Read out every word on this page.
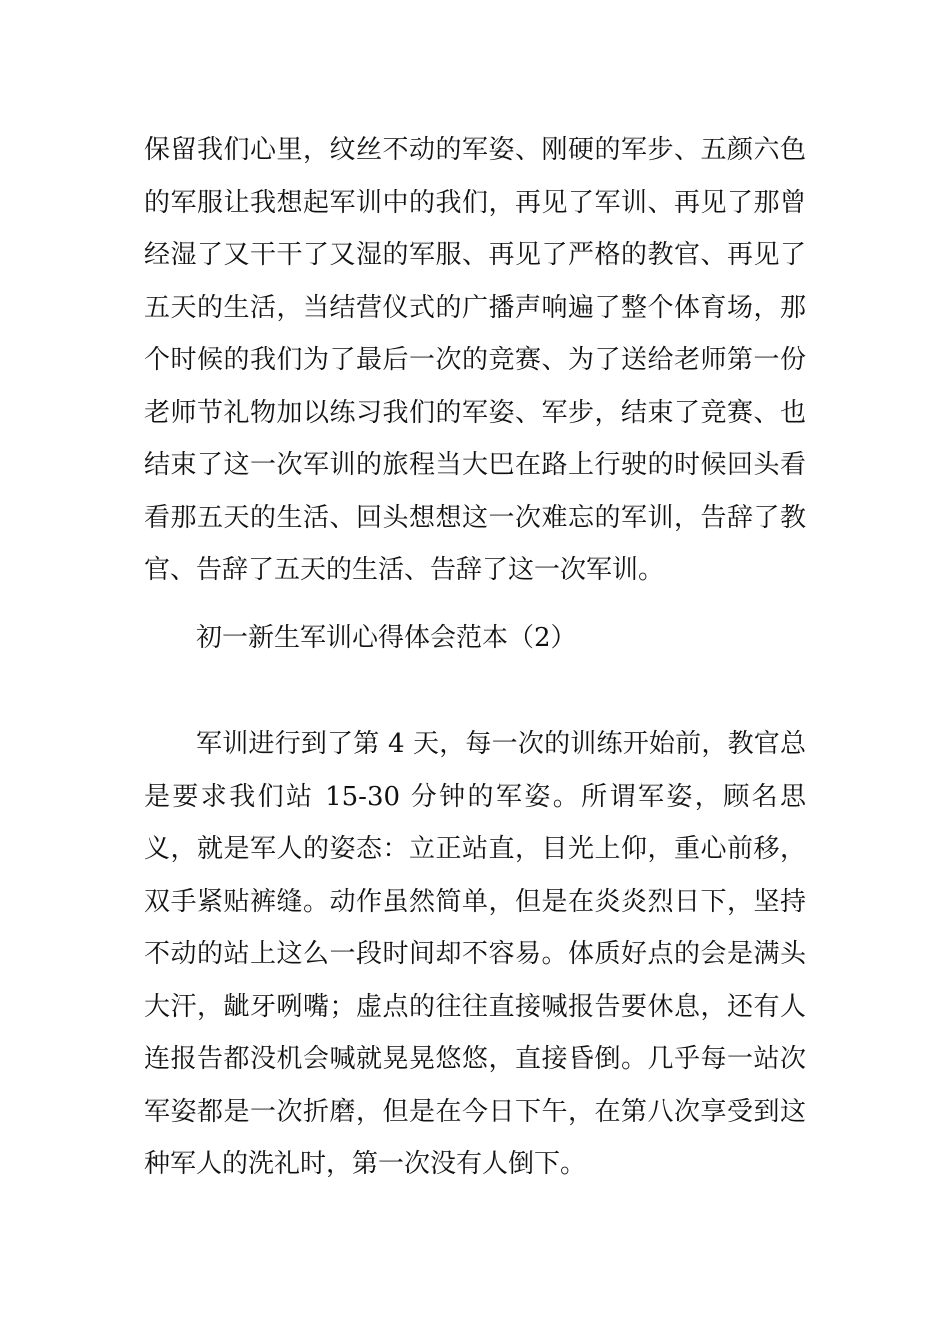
保留我们心里，纹丝不动的军姿、刚硬的军步、五颜六色的军服让我想起军训中的我们，再见了军训、再见了那曾经湿了又干干了又湿的军服、再见了严格的教官、再见了五天的生活，当结营仪式的广播声响遍了整个体育场，那个时候的我们为了最后一次的竞赛、为了送给老师第一份老师节礼物加以练习我们的军姿、军步，结束了竞赛、也结束了这一次军训的旅程当大巴在路上行驶的时候回头看看那五天的生活、回头想想这一次难忘的军训，告辞了教官、告辞了五天的生活、告辞了这一次军训。

初一新生军训心得体会范本（2）

军训进行到了第 4 天，每一次的训练开始前，教官总是要求我们站 15-30 分钟的军姿。所谓军姿，顾名思义，就是军人的姿态：立正站直，目光上仰，重心前移，双手紧贴裤缝。动作虽然简单，但是在炎炎烈日下，坚持不动的站上这么一段时间却不容易。体质好点的会是满头大汗，龇牙咧嘴；虚点的往往直接喊报告要休息，还有人连报告都没机会喊就晃晃悠悠，直接昏倒。几乎每一站次军姿都是一次折磨，但是在今日下午，在第八次享受到这种军人的洗礼时，第一次没有人倒下。
